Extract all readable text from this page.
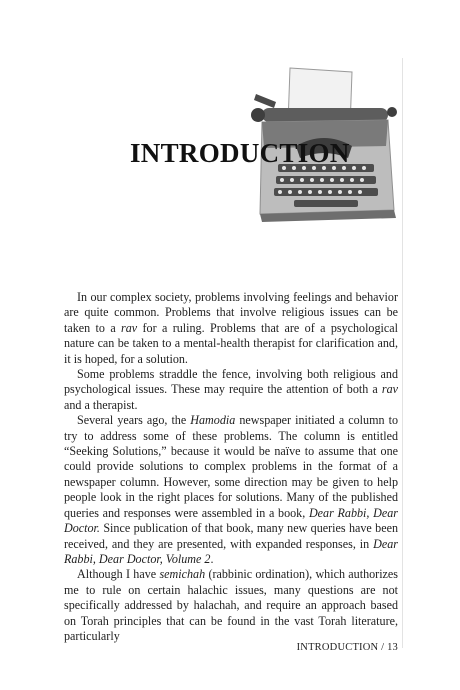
INTRODUCTION

In our complex society, problems involving feelings and behavior are quite common. Problems that involve religious issues can be taken to a rav for a ruling. Problems that are of a psychological nature can be taken to a mental-health therapist for clarification and, it is hoped, for a solution.

Some problems straddle the fence, involving both religious and psychological issues. These may require the attention of both a rav and a therapist.

Several years ago, the Hamodia newspaper initiated a column to try to address some of these problems. The column is entitled “Seeking Solutions,” because it would be naïve to assume that one could provide solutions to complex problems in the format of a newspaper column. However, some direction may be given to help people look in the right places for solutions. Many of the published queries and responses were assembled in a book, Dear Rabbi, Dear Doctor. Since publication of that book, many new queries have been received, and they are presented, with expanded responses, in Dear Rabbi, Dear Doctor, Volume 2.

Although I have semichah (rabbinic ordination), which authorizes me to rule on certain halachic issues, many questions are not specifically addressed by halachah, and require an approach based on Torah principles that can be found in the vast Torah literature, particularly

INTRODUCTION / 13
